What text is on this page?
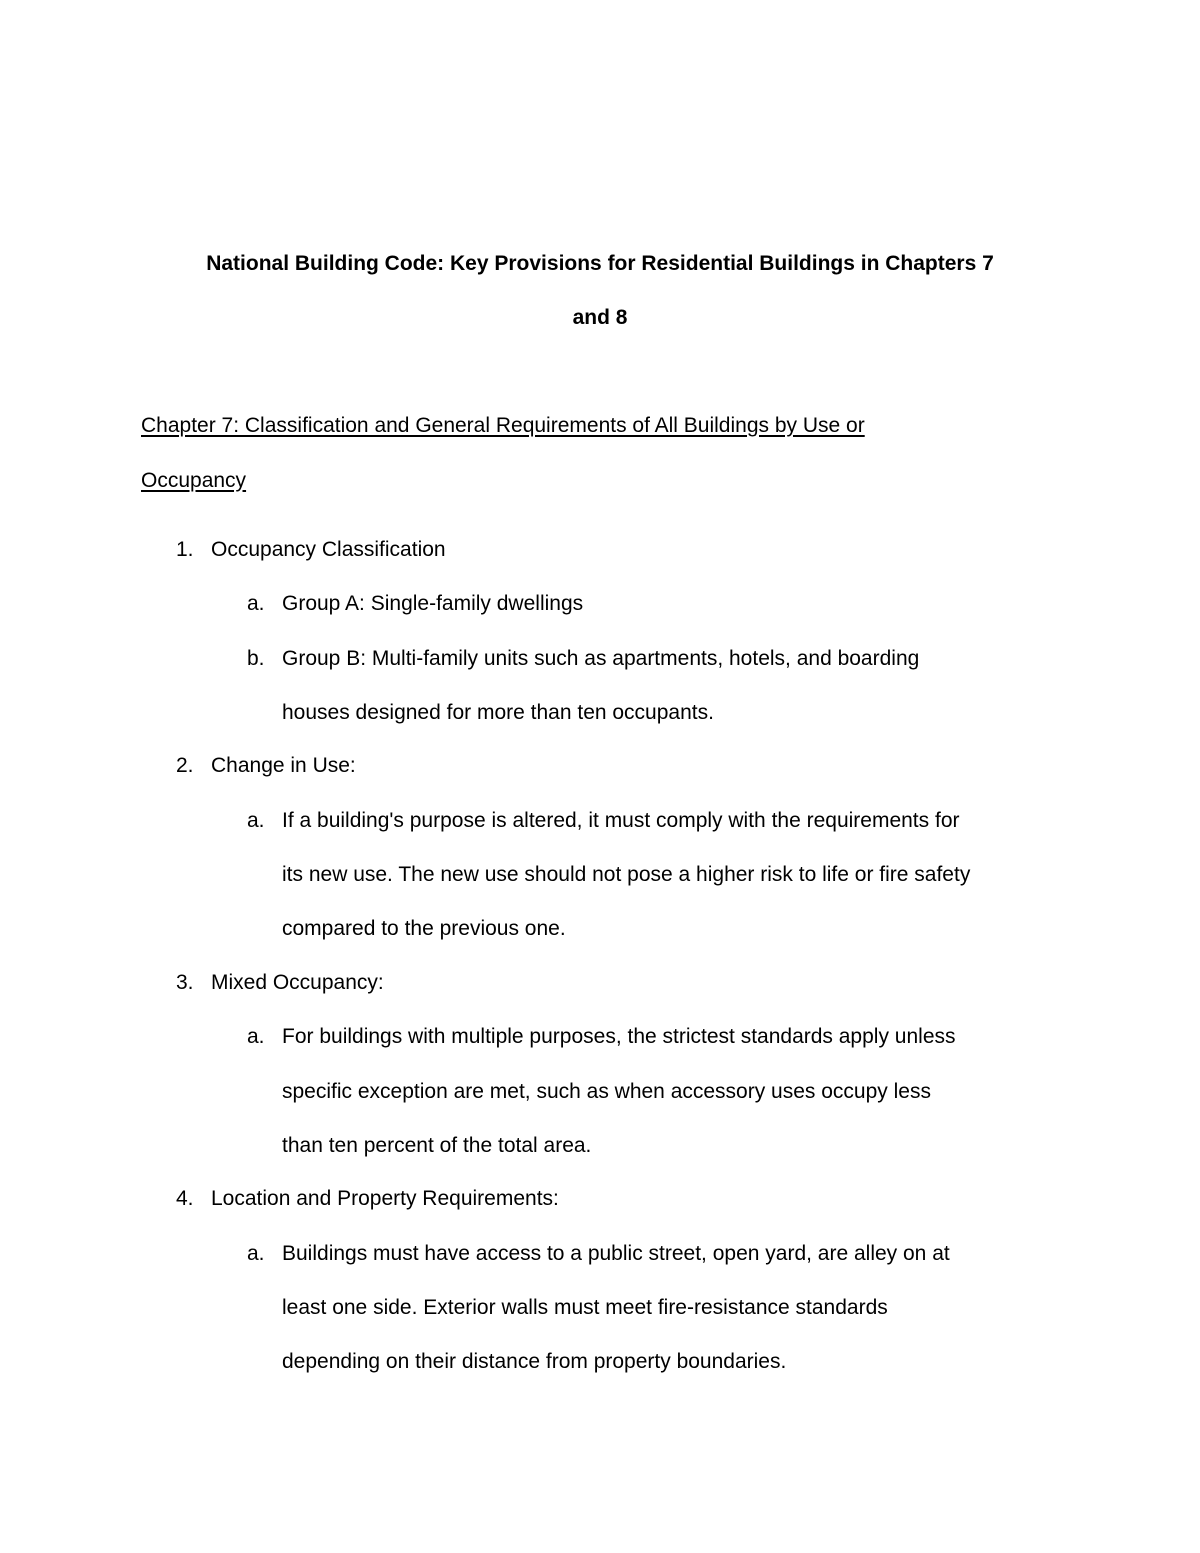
National Building Code: Key Provisions for Residential Buildings in Chapters 7
and 8
Chapter 7: Classification and General Requirements of All Buildings by Use or
Occupancy
1. Occupancy Classification
a. Group A: Single-family dwellings
b. Group B: Multi-family units such as apartments, hotels, and boarding
houses designed for more than ten occupants.
2. Change in Use:
a. If a building's purpose is altered, it must comply with the requirements for
its new use. The new use should not pose a higher risk to life or fire safety
compared to the previous one.
3. Mixed Occupancy:
a. For buildings with multiple purposes, the strictest standards apply unless
specific exception are met, such as when accessory uses occupy less
than ten percent of the total area.
4. Location and Property Requirements:
a. Buildings must have access to a public street, open yard, are alley on at
least one side. Exterior walls must meet fire-resistance standards
depending on their distance from property boundaries.
